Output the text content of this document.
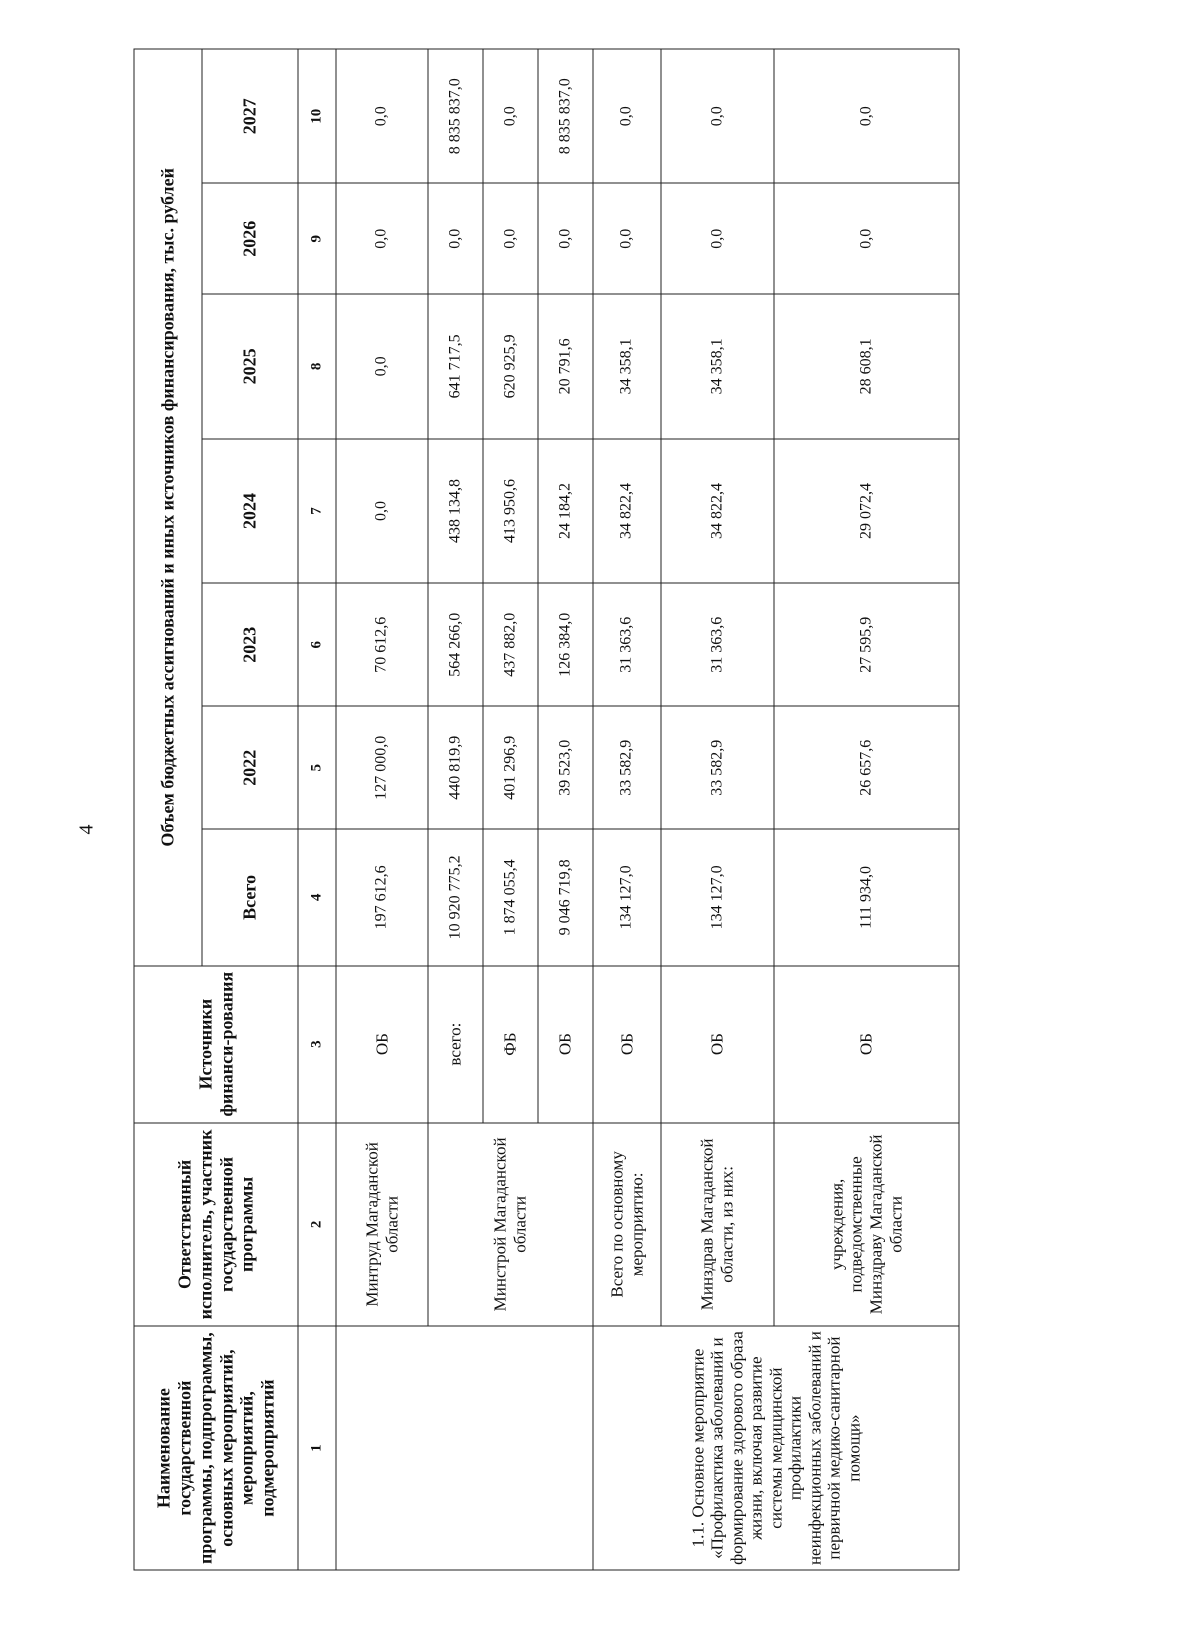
4
Наименование государственной программы, подпрограммы, основных мероприятий, мероприятий, подмероприятий	Ответственный исполнитель, участник государственной программы	Источники финанси-рования	Объем бюджетных ассигнований и иных источников финансирования, тыс. рублей						
			Всего	2022	2023	2024	2025	2026	2027
1	2	3	4	5	6	7	8	9	10
	Минтруд Магаданской области	ОБ	197 612,6	127 000,0	70 612,6	0,0	0,0	0,0	0,0
	Минстрой Магаданской области	всего:	10 920 775,2	440 819,9	564 266,0	438 134,8	641 717,5	0,0	8 835 837,0
		ФБ	1 874 055,4	401 296,9	437 882,0	413 950,6	620 925,9	0,0	0,0
		ОБ	9 046 719,8	39 523,0	126 384,0	24 184,2	20 791,6	0,0	8 835 837,0
1.1. Основное мероприятие «Профилактика заболеваний и формирование здорового образа жизни, включая развитие системы медицинской профилактики неинфекционных заболеваний и первичной медико-санитарной помощи»	Всего по основному мероприятию:	ОБ	134 127,0	33 582,9	31 363,6	34 822,4	34 358,1	0,0	0,0
	Минздрав Магаданской области, из них:	ОБ	134 127,0	33 582,9	31 363,6	34 822,4	34 358,1	0,0	0,0
	учреждения, подведомственные Минздраву Магаданской области	ОБ	111 934,0	26 657,6	27 595,9	29 072,4	28 608,1	0,0	0,0
